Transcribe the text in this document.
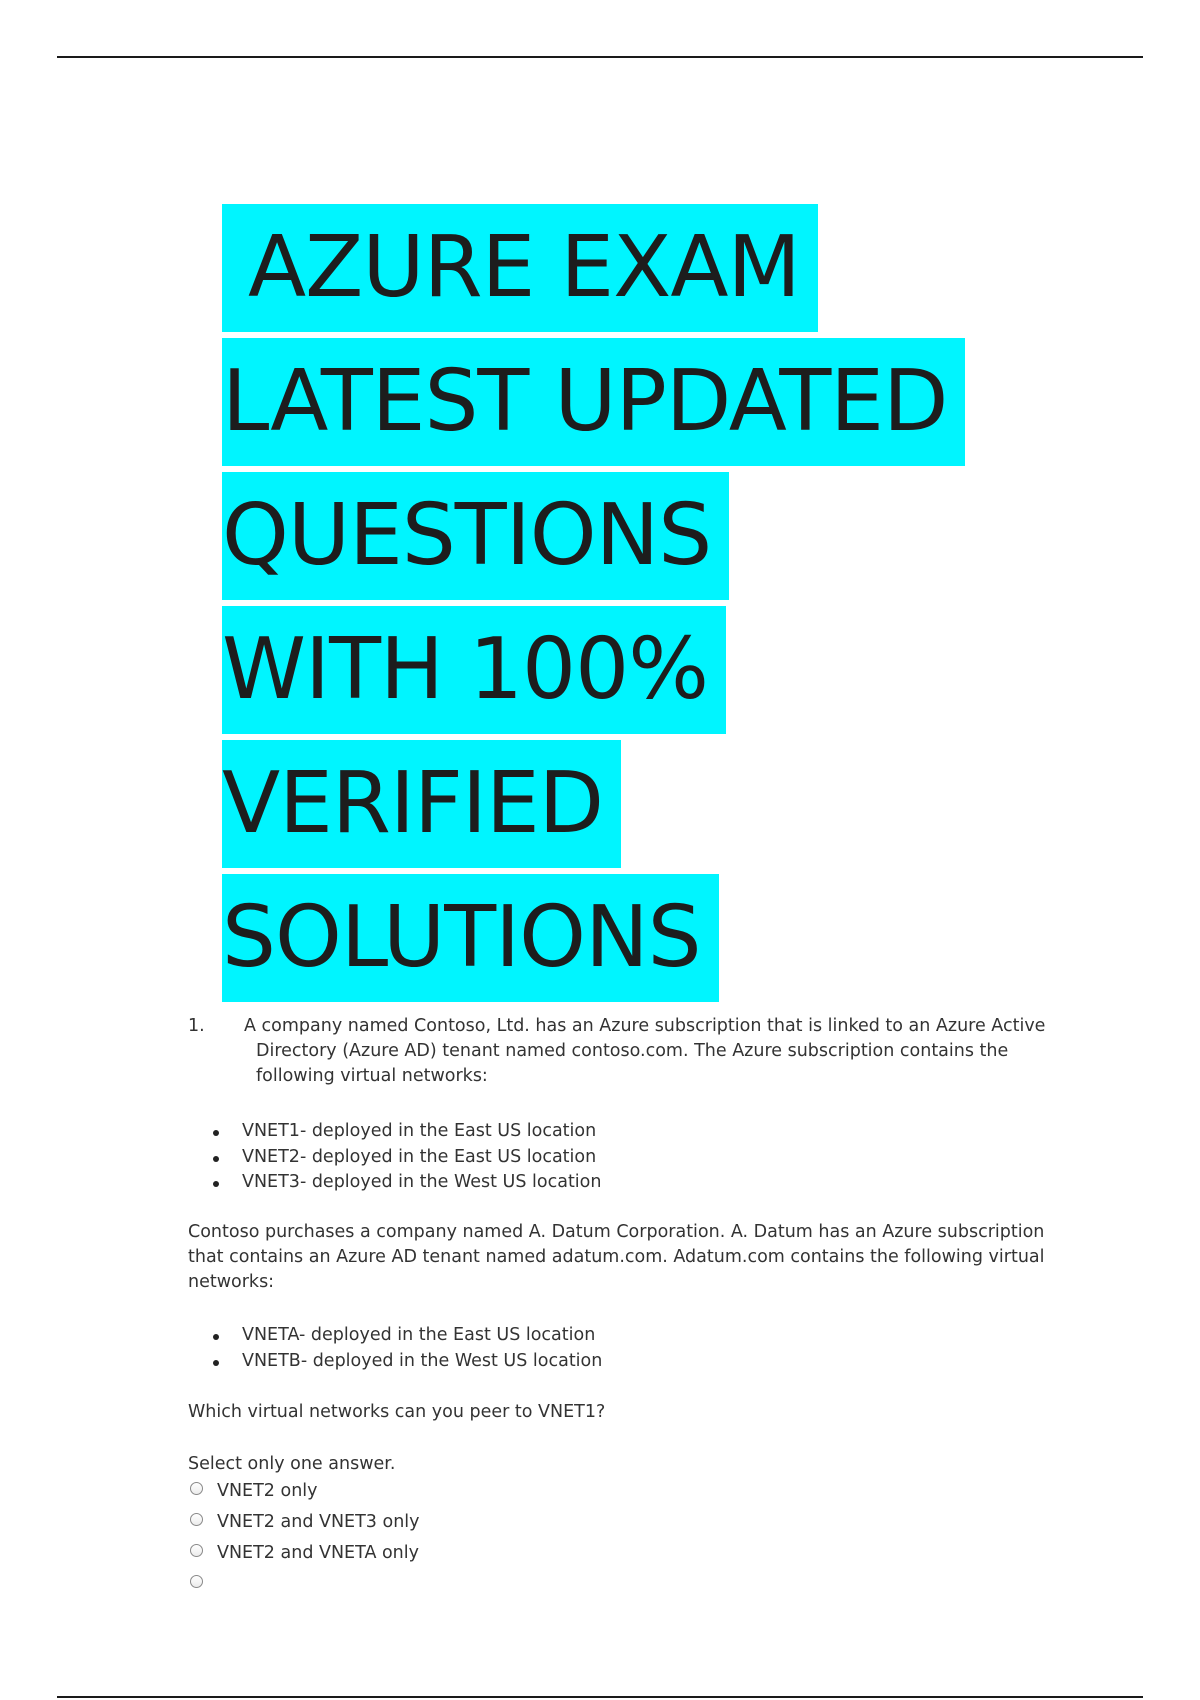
AZURE EXAM
LATEST UPDATED
QUESTIONS
WITH 100%
VERIFIED
SOLUTIONS
1. A company named Contoso, Ltd. has an Azure subscription that is linked to an Azure Active Directory (Azure AD) tenant named contoso.com. The Azure subscription contains the following virtual networks:
VNET1- deployed in the East US location
VNET2- deployed in the East US location
VNET3- deployed in the West US location
Contoso purchases a company named A. Datum Corporation. A. Datum has an Azure subscription that contains an Azure AD tenant named adatum.com. Adatum.com contains the following virtual networks:
VNETA- deployed in the East US location
VNETB- deployed in the West US location
Which virtual networks can you peer to VNET1?
Select only one answer.
VNET2 only
VNET2 and VNET3 only
VNET2 and VNETA only
